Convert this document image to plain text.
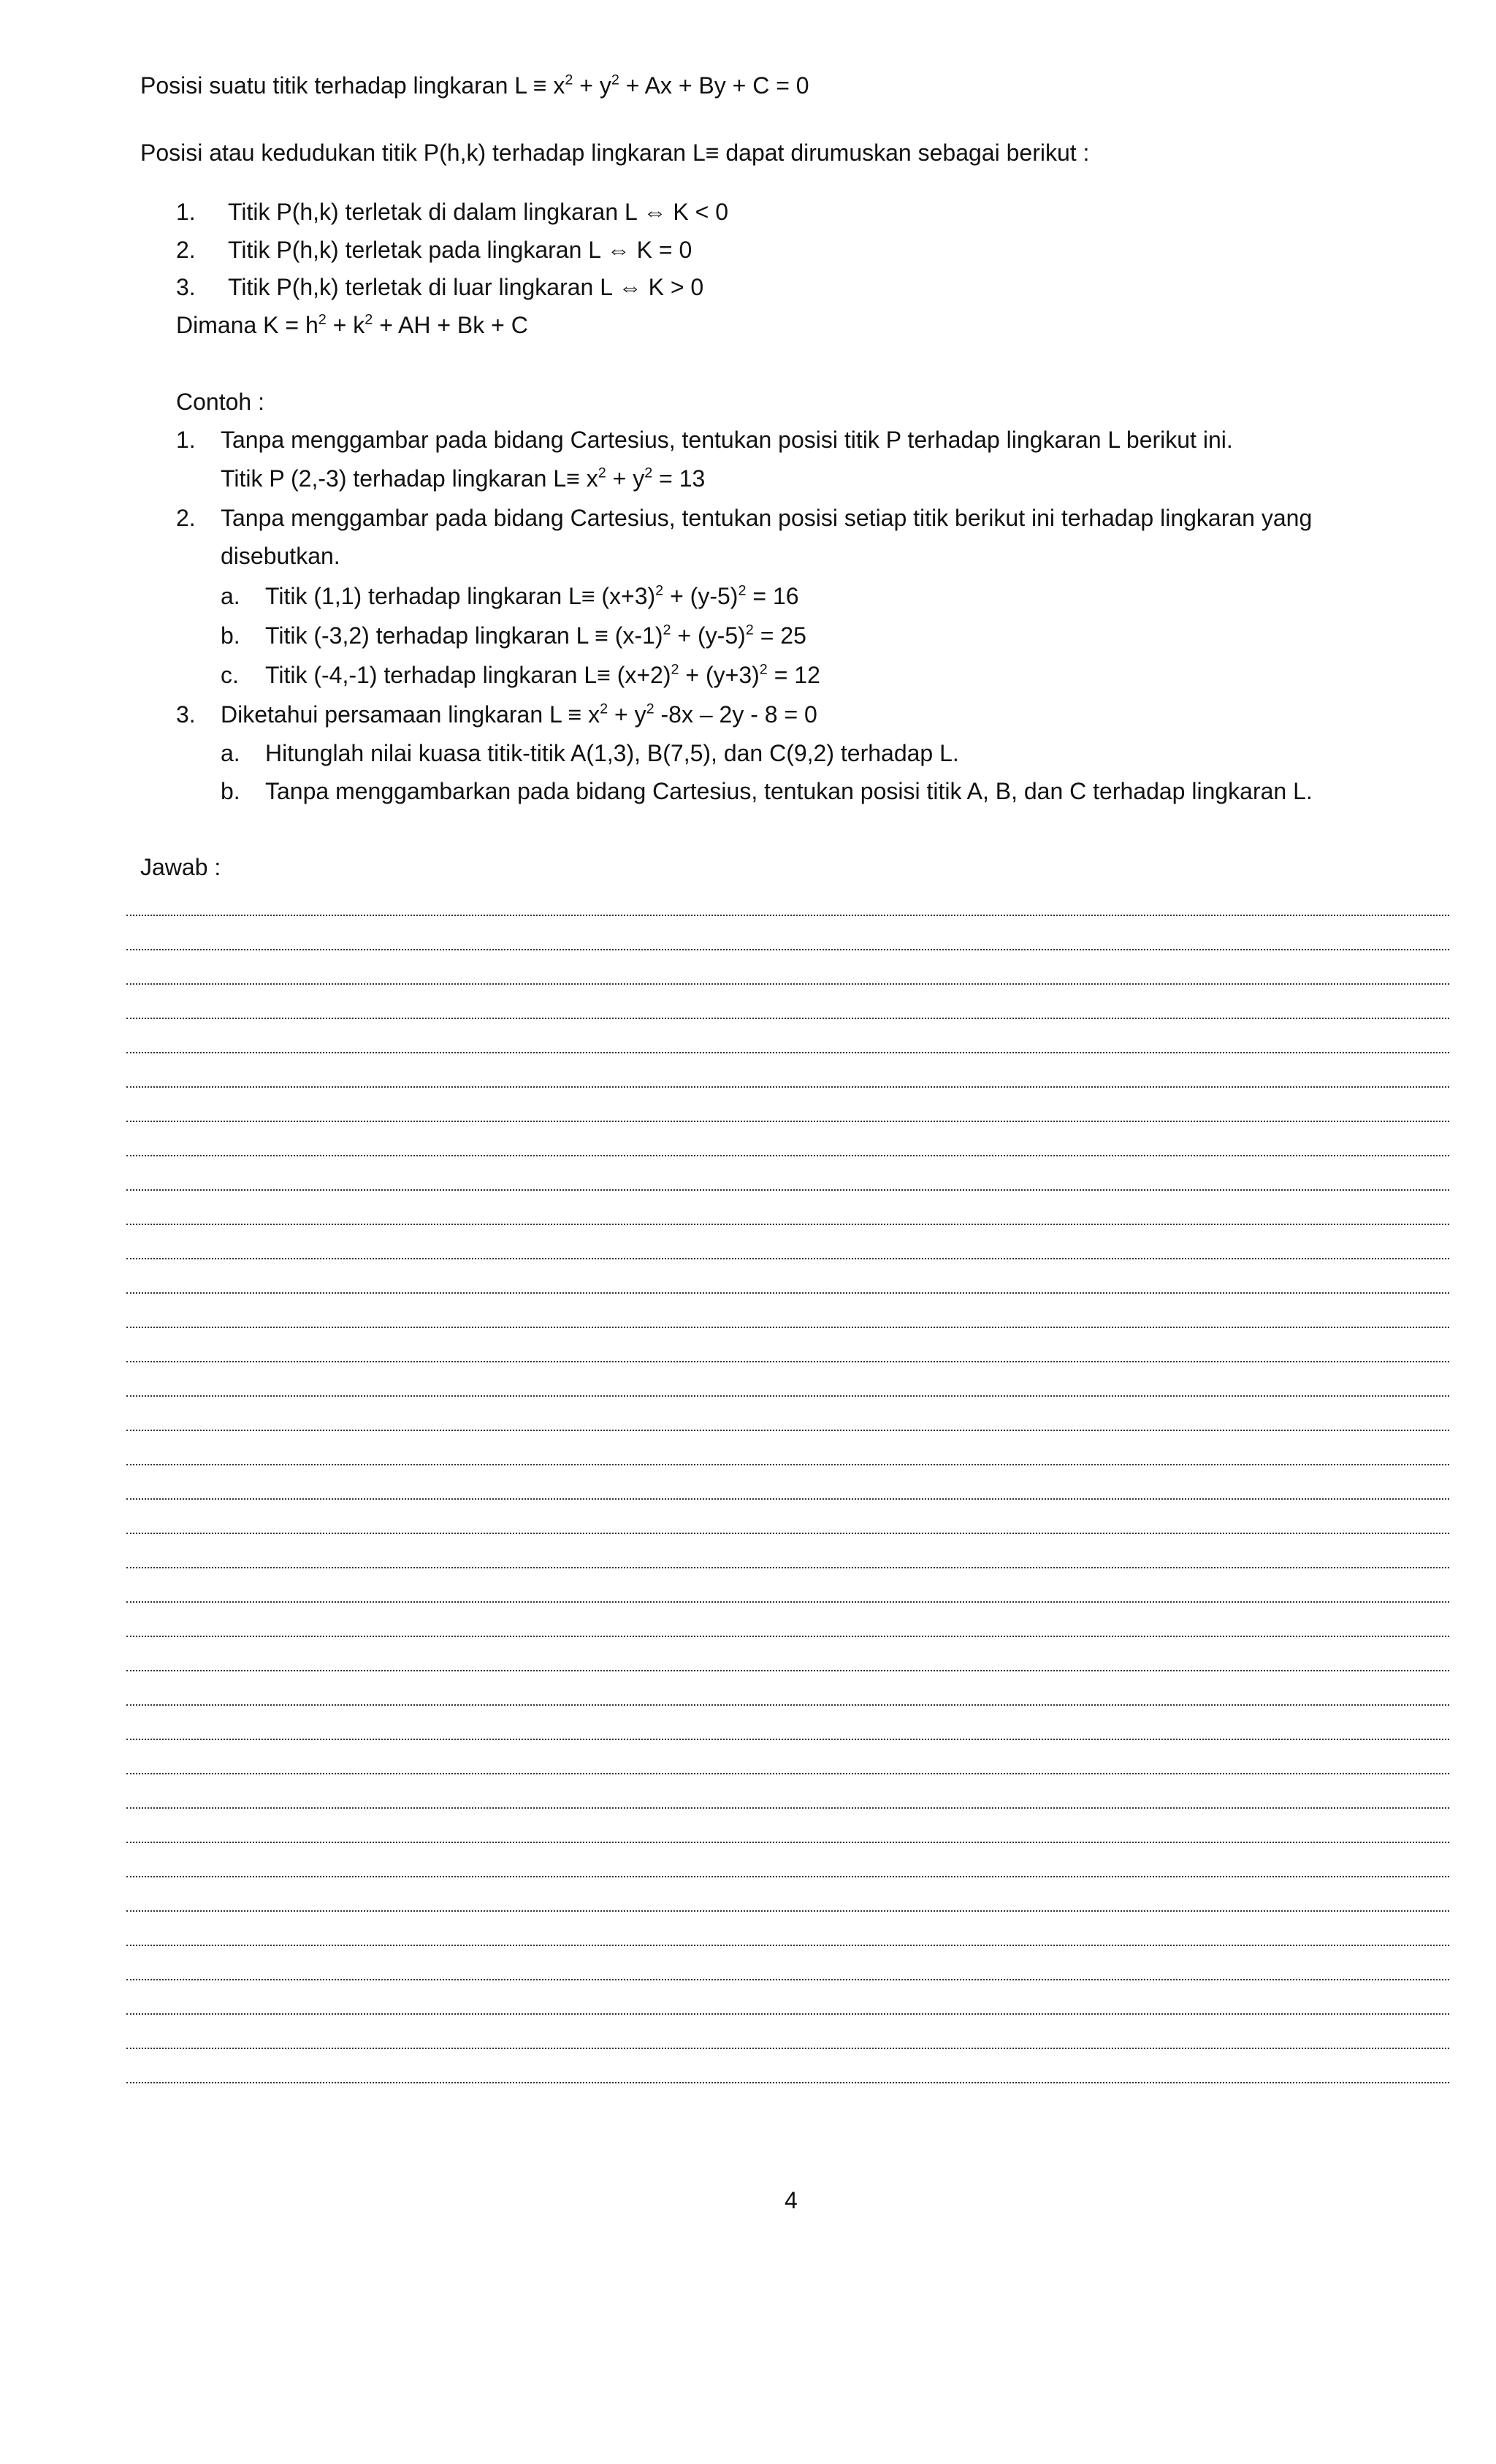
Posisi suatu titik terhadap lingkaran $L \equiv x^2 + y^2 + Ax + By + C = 0$
Posisi atau kedudukan titik P(h,k) terhadap lingkaran L≡ dapat dirumuskan sebagai berikut :
1. Titik P(h,k) terletak di dalam lingkaran L ⇔ K < 0
2. Titik P(h,k) terletak pada lingkaran L ⇔ K = 0
3. Titik P(h,k) terletak di luar lingkaran L ⇔ K > 0
Dimana $K = h^2 + k^2$ + AH + Bk + C
Contoh :
1. Tanpa menggambar pada bidang Cartesius, tentukan posisi titik P terhadap lingkaran L berikut ini.
Titik P (2,-3) terhadap lingkaran $L\equiv x^2 + y^2 = 13$
2. Tanpa menggambar pada bidang Cartesius, tentukan posisi setiap titik berikut ini terhadap lingkaran yang
disebutkan.
a. Titik (1,1) terhadap lingkaran $L\equiv (x+3)^2 + (y-5)^2 = 16$
b. Titik (-3,2) terhadap lingkaran $L \equiv (x-1)^2 + (y-5)^2 = 25$
c. Titik (-4,-1) terhadap lingkaran $L\equiv (x+2)^2 + (y+3)^2 = 12$
3. Diketahui persamaan lingkaran $L \equiv x^2 + y^2$ -8x – 2y - 8 = 0
a. Hitunglah nilai kuasa titik-titik A(1,3), B(7,5), dan C(9,2) terhadap L.
b. Tanpa menggambarkan pada bidang Cartesius, tentukan posisi titik A, B, dan C terhadap lingkaran L.
Jawab :
4
